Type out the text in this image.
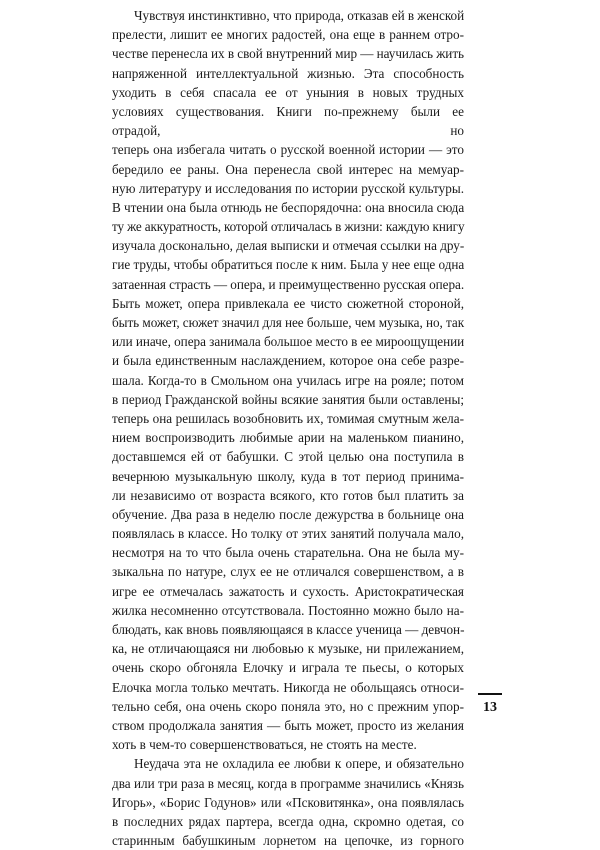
Чувствуя инстинктивно, что природа, отказав ей в женской
прелести, лишит ее многих радостей, она еще в раннем отро-
честве перенесла их в свой внутренний мир — научилась жить
напряженной интеллектуальной жизнью. Эта способность
уходить в себя спасала ее от уныния в новых трудных условиях существования. Книги по-прежнему были ее отрадой, но
теперь она избегала читать о русской военной истории — это
бередило ее раны. Она перенесла свой интерес на мемуар-
ную литературу и исследования по истории русской культуры.
В чтении она была отнюдь не беспорядочна: она вносила сюда
ту же аккуратность, которой отличалась в жизни: каждую книгу
изучала досконально, делая выписки и отмечая ссылки на дру-
гие труды, чтобы обратиться после к ним. Была у нее еще одна
затаенная страсть — опера, и преимущественно русская опера.
Быть может, опера привлекала ее чисто сюжетной стороной,
быть может, сюжет значил для нее больше, чем музыка, но, так
или иначе, опера занимала большое место в ее мироощущении
и была единственным наслаждением, которое она себе разре-
шала. Когда-то в Смольном она училась игре на рояле; потом
в период Гражданской войны всякие занятия были оставлены;
теперь она решилась возобновить их, томимая смутным жела-
нием воспроизводить любимые арии на маленьком пианино,
доставшемся ей от бабушки. С этой целью она поступила в
вечернюю музыкальную школу, куда в тот период принима-
ли независимо от возраста всякого, кто готов был платить за
обучение. Два раза в неделю после дежурства в больнице она
появлялась в классе. Но толку от этих занятий получала мало,
несмотря на то что была очень старательна. Она не была му-
зыкальна по натуре, слух ее не отличался совершенством, а в
игре ее отмечалась зажатость и сухость. Аристократическая
жилка несомненно отсутствовала. Постоянно можно было на-
блюдать, как вновь появляющаяся в классе ученица — девчон-
ка, не отличающаяся ни любовью к музыке, ни прилежанием,
очень скоро обгоняла Елочку и играла те пьесы, о которых
Елочка могла только мечтать. Никогда не обольщаясь относи-
тельно себя, она очень скоро поняла это, но с прежним упор-
ством продолжала занятия — быть может, просто из желания
хоть в чем-то совершенствоваться, не стоять на месте.
Неудача эта не охладила ее любви к опере, и обязательно
два или три раза в месяц, когда в программе значились «Князь
Игорь», «Борис Годунов» или «Псковитянка», она появлялась
в последних рядах партера, всегда одна, скромно одетая, со
старинным бабушкиным лорнетом на цепочке, из горного
13
